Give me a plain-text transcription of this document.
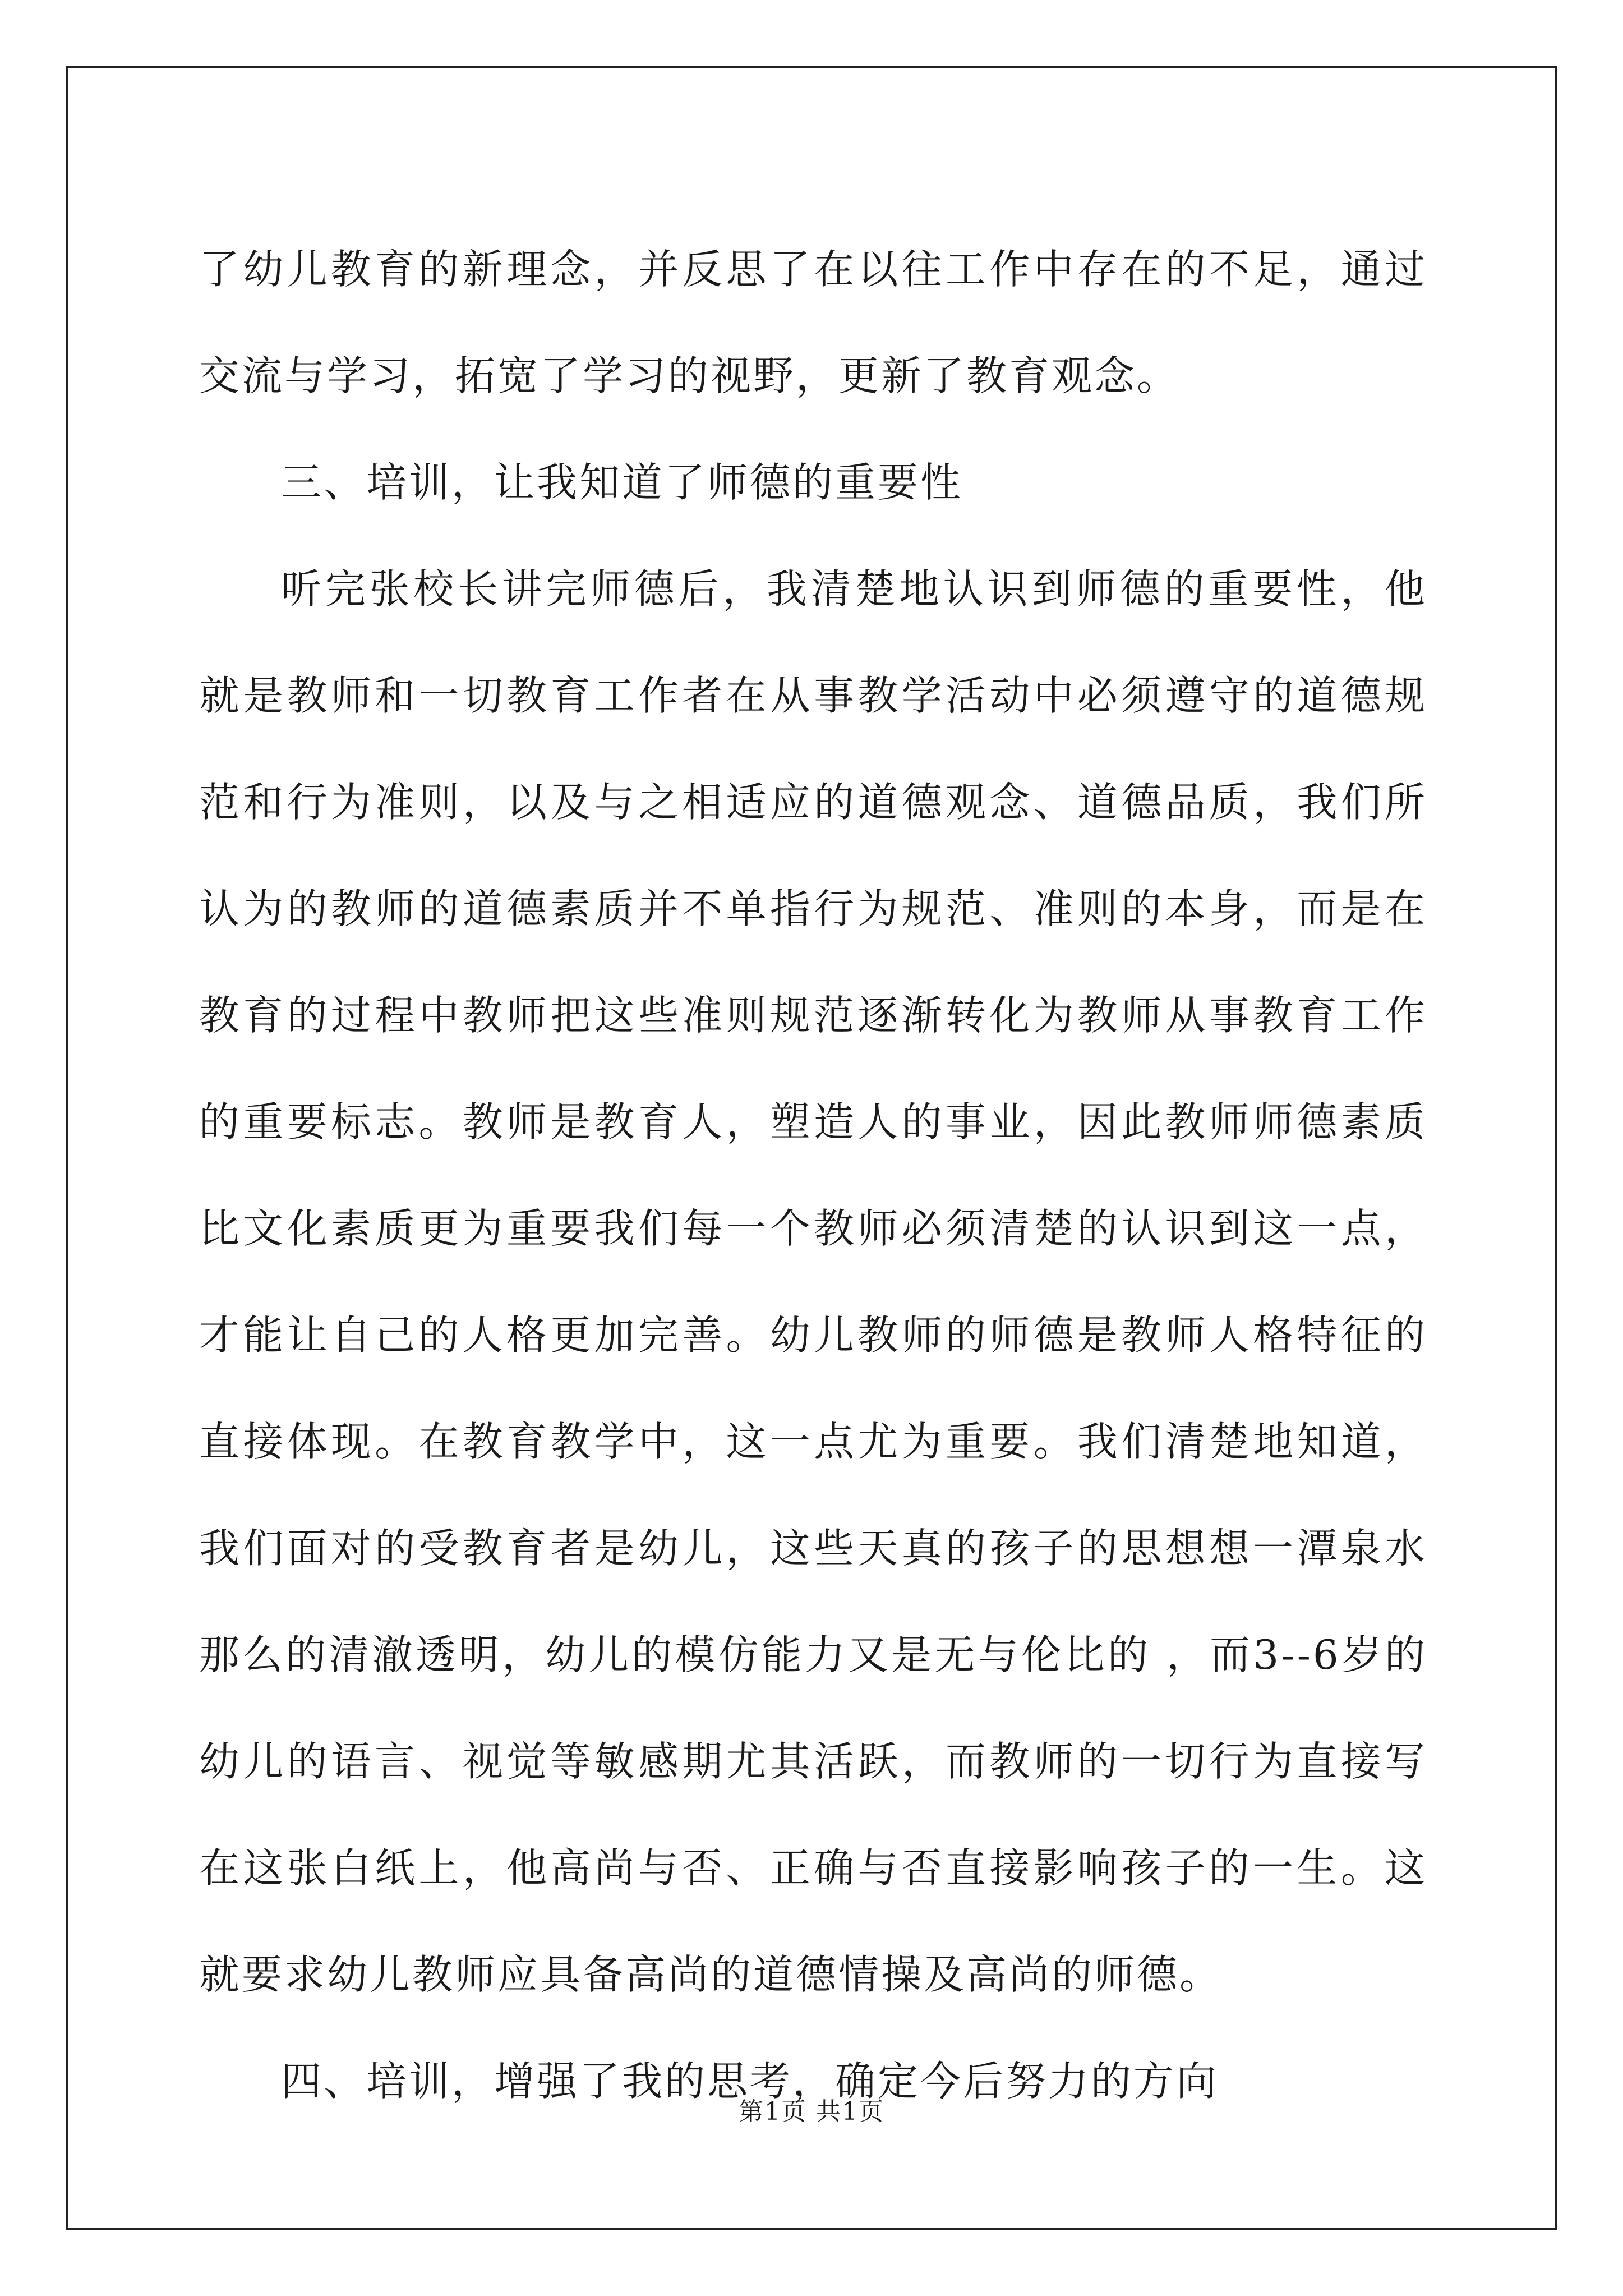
了幼儿教育的新理念，并反思了在以往工作中存在的不足，通过交流与学习，拓宽了学习的视野，更新了教育观念。

三、培训，让我知道了师德的重要性

听完张校长讲完师德后，我清楚地认识到师德的重要性，他就是教师和一切教育工作者在从事教学活动中必须遵守的道德规范和行为准则，以及与之相适应的道德观念、道德品质，我们所认为的教师的道德素质并不单指行为规范、准则的本身，而是在教育的过程中教师把这些准则规范逐渐转化为教师从事教育工作的重要标志。教师是教育人，塑造人的事业，因此教师师德素质比文化素质更为重要我们每一个教师必须清楚的认识到这一点，才能让自己的人格更加完善。幼儿教师的师德是教师人格特征的直接体现。在教育教学中，这一点尤为重要。我们清楚地知道，我们面对的受教育者是幼儿，这些天真的孩子的思想想一潭泉水那么的清澈透明，幼儿的模仿能力又是无与伦比的 ，而3--6岁的幼儿的语言、视觉等敏感期尤其活跃，而教师的一切行为直接写在这张白纸上，他高尚与否、正确与否直接影响孩子的一生。这就要求幼儿教师应具备高尚的道德情操及高尚的师德。

四、培训，增强了我的思考，确定今后努力的方向

第1页 共1页
